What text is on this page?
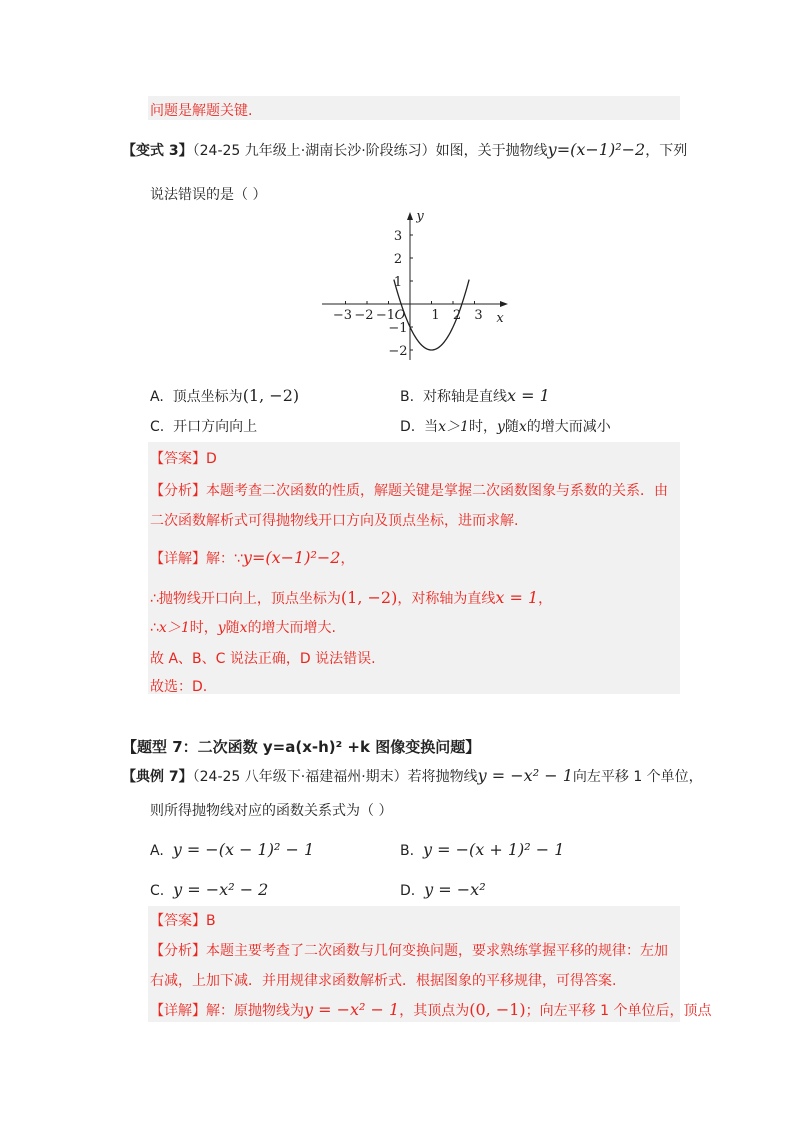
问题是解题关键.
【变式 3】（24-25 九年级上·湖南长沙·阶段练习）如图，关于抛物线y=(x−1)²−2，下列
说法错误的是（ ）
x
y
O
−3 −2 −1	1 2 3
3
2
1
−1
−2
A. 顶点坐标为(1, −2)	B. 对称轴是直线x = 1
C. 开口方向向上	D. 当x＞1时，y随x的增大而减小
【答案】D
【分析】本题考查二次函数的性质，解题关键是掌握二次函数图象与系数的关系．由
二次函数解析式可得抛物线开口方向及顶点坐标，进而求解.
【详解】解：∵y=(x−1)²−2，
∴抛物线开口向上，顶点坐标为(1, −2)，对称轴为直线x = 1，
∴x＞1时，y随x的增大而增大.
故 A、B、C 说法正确，D 说法错误.
故选：D.
【题型 7：二次函数 y=a(x-h)² +k 图像变换问题】
【典例 7】（24-25 八年级下·福建福州·期末）若将抛物线y = −x² − 1向左平移 1 个单位，
则所得抛物线对应的函数关系式为（ ）
A. y = −(x − 1)² − 1	B. y = −(x + 1)² − 1
C. y = −x² − 2	D. y = −x²
【答案】B
【分析】本题主要考查了二次函数与几何变换问题，要求熟练掌握平移的规律：左加
右减，上加下减．并用规律求函数解析式．根据图象的平移规律，可得答案.
【详解】解：原抛物线为y = −x² − 1，其顶点为(0, −1)；向左平移 1 个单位后，顶点
